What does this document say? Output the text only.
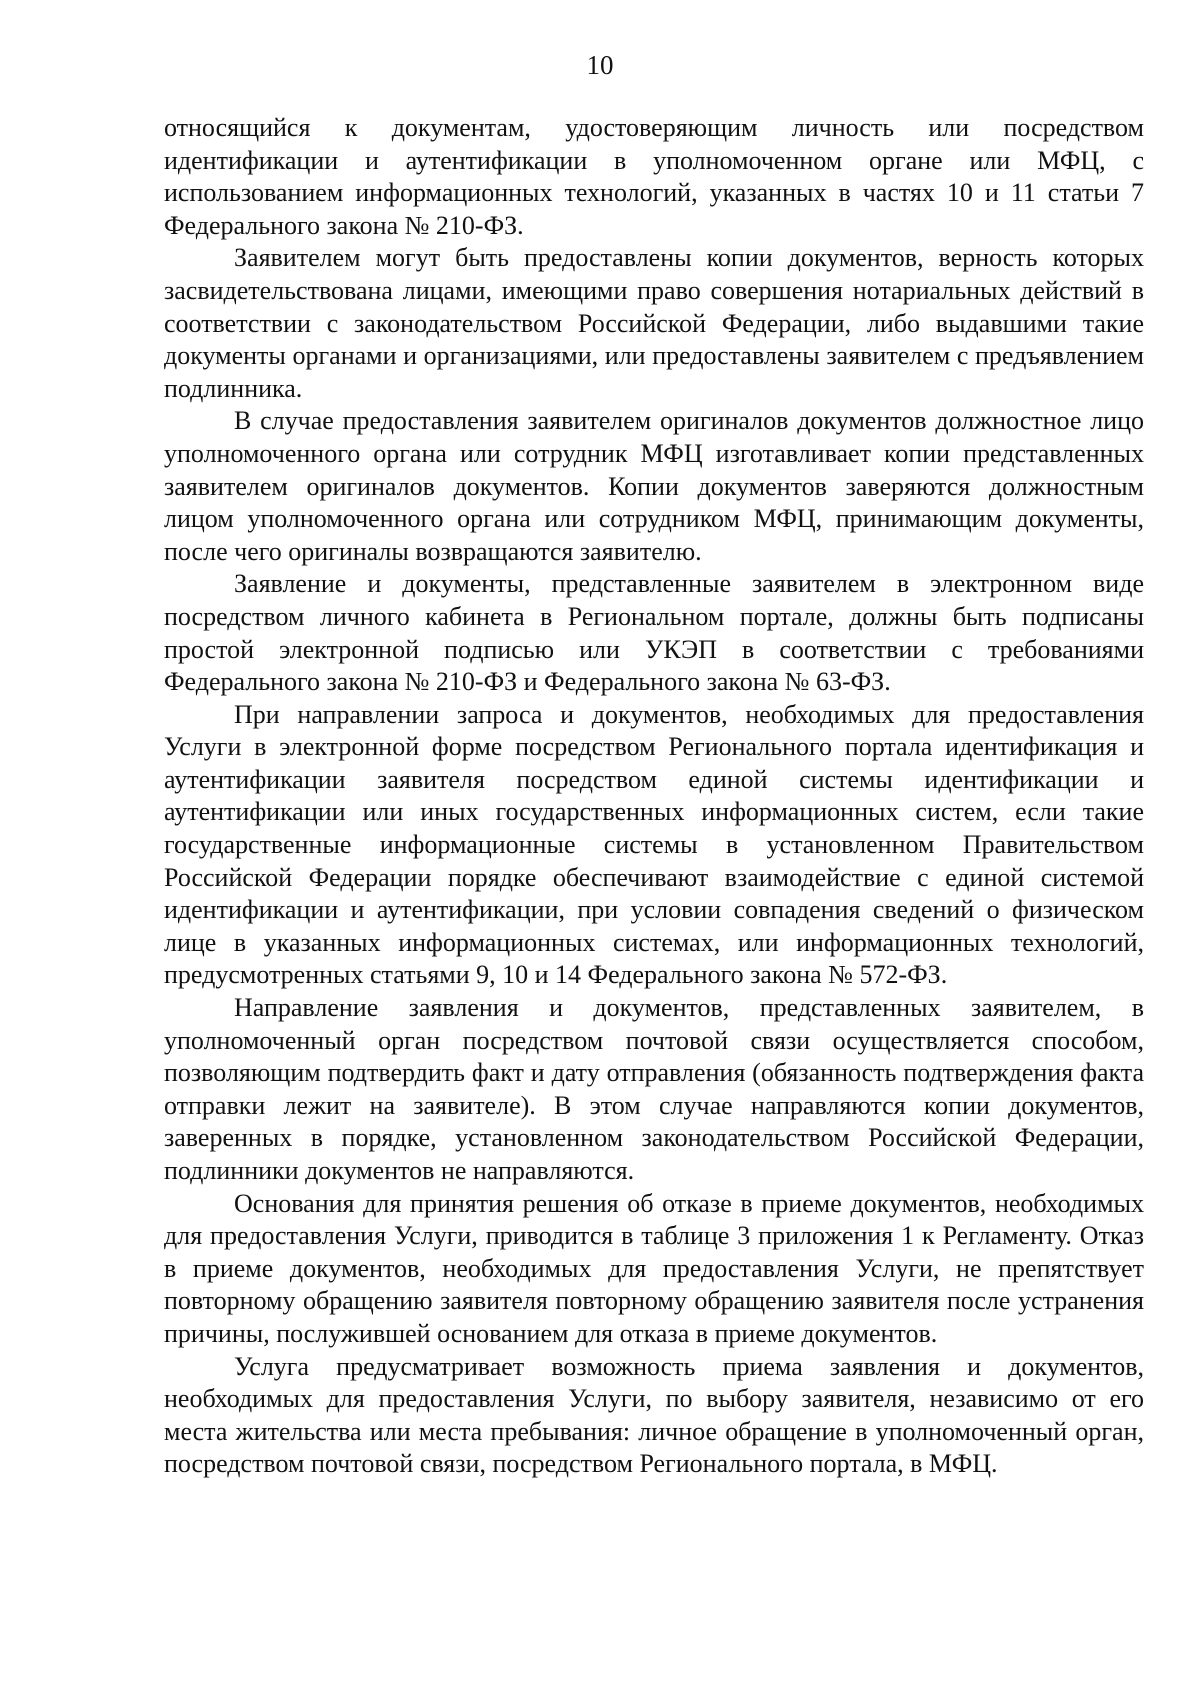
10

относящийся к документам, удостоверяющим личность или посредством идентификации и аутентификации в уполномоченном органе или МФЦ, с использованием информационных технологий, указанных в частях 10 и 11 статьи 7 Федерального закона № 210-ФЗ.

Заявителем могут быть предоставлены копии документов, верность которых засвидетельствована лицами, имеющими право совершения нотариальных действий в соответствии с законодательством Российской Федерации, либо выдавшими такие документы органами и организациями, или предоставлены заявителем с предъявлением подлинника.

В случае предоставления заявителем оригиналов документов должностное лицо уполномоченного органа или сотрудник МФЦ изготавливает копии представленных заявителем оригиналов документов. Копии документов заверяются должностным лицом уполномоченного органа или сотрудником МФЦ, принимающим документы, после чего оригиналы возвращаются заявителю.

Заявление и документы, представленные заявителем в электронном виде посредством личного кабинета в Региональном портале, должны быть подписаны простой электронной подписью или УКЭП в соответствии с требованиями Федерального закона № 210-ФЗ и Федерального закона № 63-ФЗ.

При направлении запроса и документов, необходимых для предоставления Услуги в электронной форме посредством Регионального портала идентификация и аутентификации заявителя посредством единой системы идентификации и аутентификации или иных государственных информационных систем, если такие государственные информационные системы в установленном Правительством Российской Федерации порядке обеспечивают взаимодействие с единой системой идентификации и аутентификации, при условии совпадения сведений о физическом лице в указанных информационных системах, или информационных технологий, предусмотренных статьями 9, 10 и 14 Федерального закона № 572-ФЗ.

Направление заявления и документов, представленных заявителем, в уполномоченный орган посредством почтовой связи осуществляется способом, позволяющим подтвердить факт и дату отправления (обязанность подтверждения факта отправки лежит на заявителе). В этом случае направляются копии документов, заверенных в порядке, установленном законодательством Российской Федерации, подлинники документов не направляются.

Основания для принятия решения об отказе в приеме документов, необходимых для предоставления Услуги, приводится в таблице 3 приложения 1 к Регламенту. Отказ в приеме документов, необходимых для предоставления Услуги, не препятствует повторному обращению заявителя повторному обращению заявителя после устранения причины, послужившей основанием для отказа в приеме документов.

Услуга предусматривает возможность приема заявления и документов, необходимых для предоставления Услуги, по выбору заявителя, независимо от его места жительства или места пребывания: личное обращение в уполномоченный орган, посредством почтовой связи, посредством Регионального портала, в МФЦ.
